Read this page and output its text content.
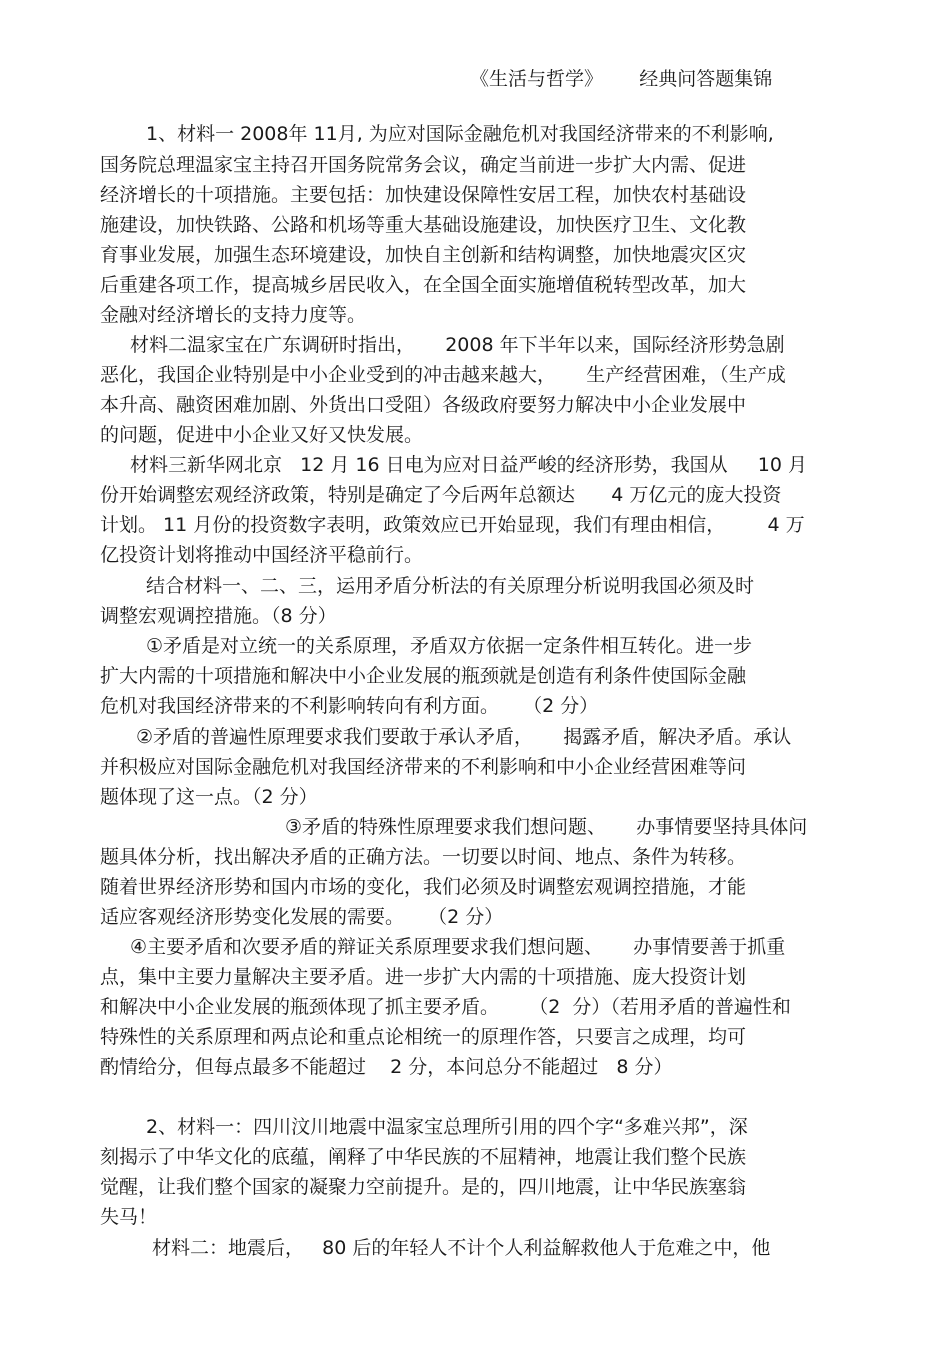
《生活与哲学》 经典问答题集锦
1、材料一 2008年 11月, 为应对国际金融危机对我国经济带来的不利影响,
国务院总理温家宝主持召开国务院常务会议，确定当前进一步扩大内需、促进
经济增长的十项措施。主要包括：加快建设保障性安居工程，加快农村基础设
施建设，加快铁路、公路和机场等重大基础设施建设，加快医疗卫生、文化教
育事业发展，加强生态环境建设，加快自主创新和结构调整，加快地震灾区灾
后重建各项工作，提高城乡居民收入，在全国全面实施增值税转型改革，加大
金融对经济增长的支持力度等。
材料二温家宝在广东调研时指出，     2008 年下半年以来，国际经济形势急剧
恶化，我国企业特别是中小企业受到的冲击越来越大，     生产经营困难，（生产成
本升高、融资困难加剧、外货出口受阻）各级政府要努力解决中小企业发展中
的问题，促进中小企业又好又快发展。
材料三新华网北京   12 月 16 日电为应对日益严峻的经济形势，我国从     10 月
份开始调整宏观经济政策，特别是确定了今后两年总额达      4 万亿元的庞大投资
计划。 11 月份的投资数字表明，政策效应已开始显现，我们有理由相信，       4 万
亿投资计划将推动中国经济平稳前行。
结合材料一、二、三，运用矛盾分析法的有关原理分析说明我国必须及时
调整宏观调控措施。（8 分）
①矛盾是对立统一的关系原理，矛盾双方依据一定条件相互转化。进一步
扩大内需的十项措施和解决中小企业发展的瓶颈就是创造有利条件使国际金融
危机对我国经济带来的不利影响转向有利方面。    （2 分）
②矛盾的普遍性原理要求我们要敢于承认矛盾，     揭露矛盾，解决矛盾。承认
并积极应对国际金融危机对我国经济带来的不利影响和中小企业经营困难等问
题体现了这一点。（2 分）
③矛盾的特殊性原理要求我们想问题、     办事情要坚持具体问
题具体分析，找出解决矛盾的正确方法。一切要以时间、地点、条件为转移。
随着世界经济形势和国内市场的变化，我们必须及时调整宏观调控措施，才能
适应客观经济形势变化发展的需要。    （2 分）
④主要矛盾和次要矛盾的辩证关系原理要求我们想问题、     办事情要善于抓重
点，集中主要力量解决主要矛盾。进一步扩大内需的十项措施、庞大投资计划
和解决中小企业发展的瓶颈体现了抓主要矛盾。     （2  分）（若用矛盾的普遍性和
特殊性的关系原理和两点论和重点论相统一的原理作答，只要言之成理，均可
酌情给分，但每点最多不能超过    2 分，本问总分不能超过   8 分）
2、材料一：四川汶川地震中温家宝总理所引用的四个字“多难兴邦”，深
刻揭示了中华文化的底蕴，阐释了中华民族的不屈精神，地震让我们整个民族
觉醒，让我们整个国家的凝聚力空前提升。是的，四川地震，让中华民族塞翁
失马！
材料二：地震后，   80 后的年轻人不计个人利益解救他人于危难之中，他
